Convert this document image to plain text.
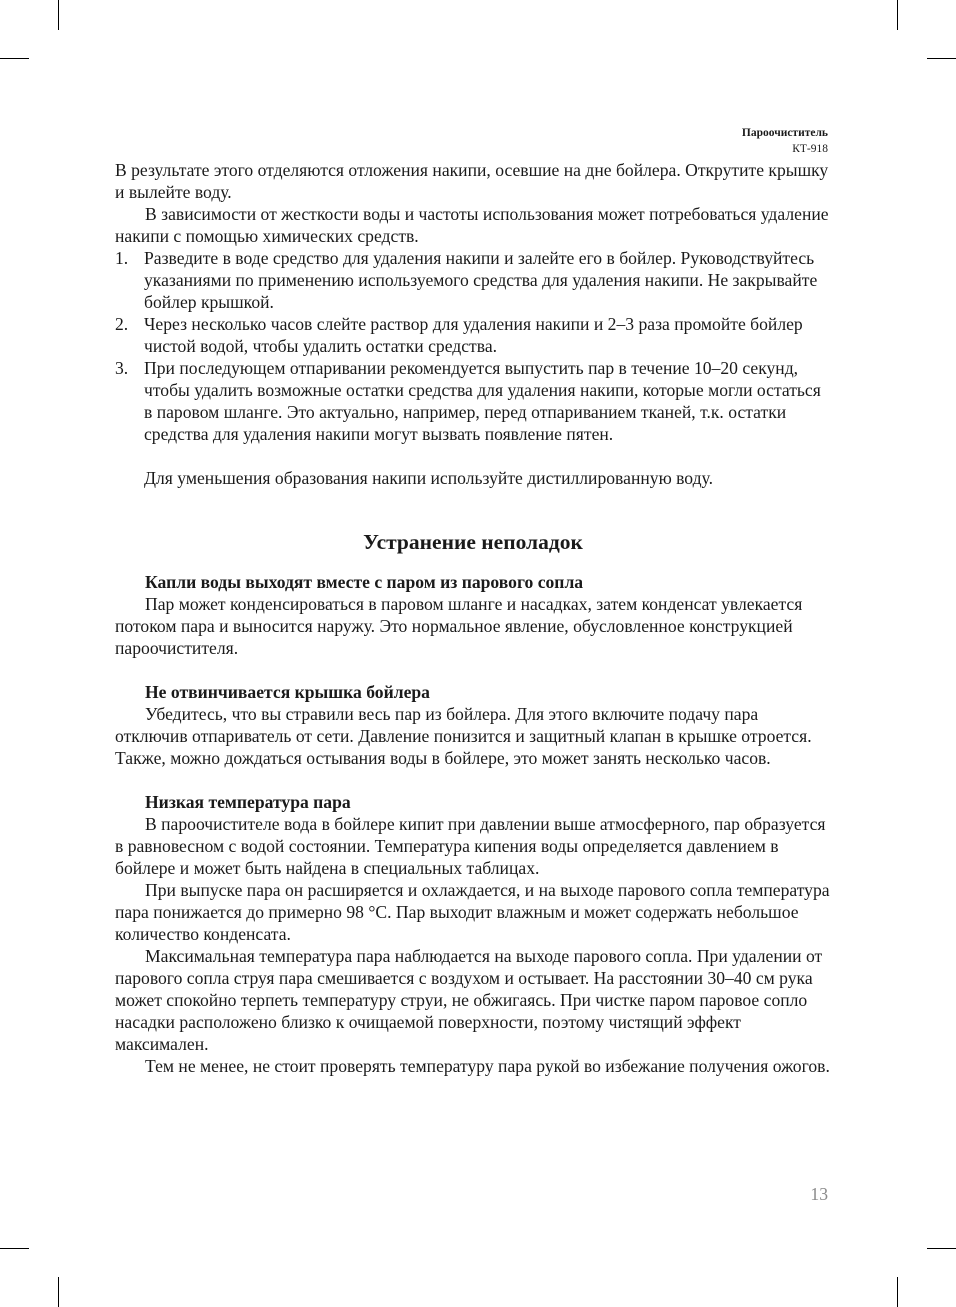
Пароочиститель
КТ-918

В результате этого отделяются отложения накипи, осевшие на дне бойлера. Открутите крышку и вылейте воду.

В зависимости от жесткости воды и частоты использования может потребоваться удаление накипи с помощью химических средств.

1. Разведите в воде средство для удаления накипи и залейте его в бойлер. Руководствуйтесь указаниями по применению используемого средства для удаления накипи. Не закрывайте бойлер крышкой.
2. Через несколько часов слейте раствор для удаления накипи и 2–3 раза промойте бойлер чистой водой, чтобы удалить остатки средства.
3. При последующем отпаривании рекомендуется выпустить пар в течение 10–20 секунд, чтобы удалить возможные остатки средства для удаления накипи, которые могли остаться в паровом шланге. Это актуально, например, перед отпариванием тканей, т.к. остатки средства для удаления накипи могут вызвать появление пятен.

Для уменьшения образования накипи используйте дистиллированную воду.

Устранение неполадок
Капли воды выходят вместе с паром из парового сопла

Пар может конденсироваться в паровом шланге и насадках, затем конденсат увлекается потоком пара и выносится наружу. Это нормальное явление, обусловленное конструкцией пароочистителя.

Не отвинчивается крышка бойлера

Убедитесь, что вы стравили весь пар из бойлера. Для этого включите подачу пара отключив отпариватель от сети. Давление понизится и защитный клапан в крышке отроется. Также, можно дождаться остывания воды в бойлере, это может занять несколько часов.

Низкая температура пара

В пароочистителе вода в бойлере кипит при давлении выше атмосферного, пар образуется в равновесном с водой состоянии. Температура кипения воды определяется давлением в бойлере и может быть найдена в специальных таблицах.

При выпуске пара он расширяется и охлаждается, и на выходе парового сопла температура пара понижается до примерно 98 °С. Пар выходит влажным и может содержать небольшое количество конденсата.

Максимальная температура пара наблюдается на выходе парового сопла. При удалении от парового сопла струя пара смешивается с воздухом и остывает. На расстоянии 30–40 см рука может спокойно терпеть температуру струи, не обжигаясь. При чистке паром паровое сопло насадки расположено близко к очищаемой поверхности, поэтому чистящий эффект максимален.

Тем не менее, не стоит проверять температуру пара рукой во избежание получения ожогов.

13
